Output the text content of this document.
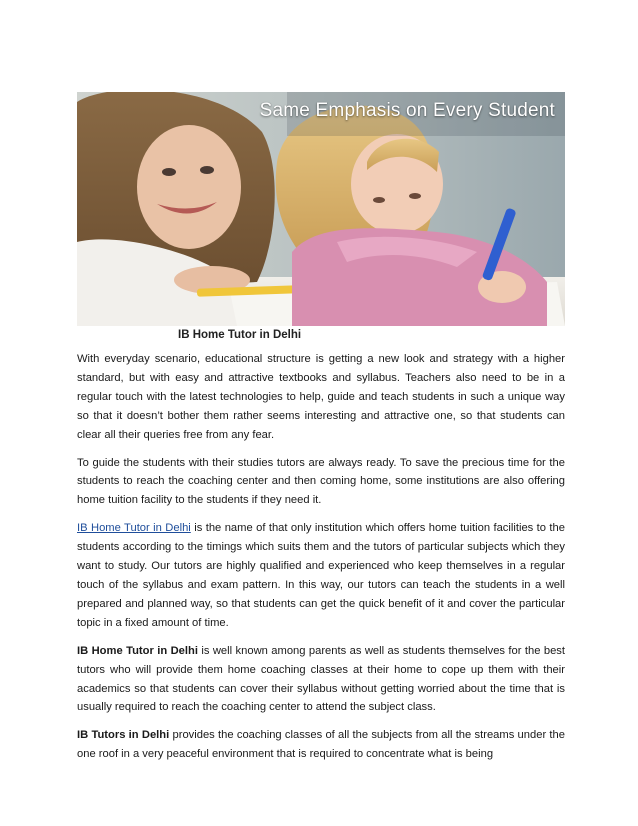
Same Emphasis on Every Student
IB Home Tutor in Delhi

With everyday scenario, educational structure is getting a new look and strategy with a higher standard, but with easy and attractive textbooks and syllabus. Teachers also need to be in a regular touch with the latest technologies to help, guide and teach students in such a unique way so that it doesn’t bother them rather seems interesting and attractive one, so that students can clear all their queries free from any fear.

To guide the students with their studies tutors are always ready. To save the precious time for the students to reach the coaching center and then coming home, some institutions are also offering home tuition facility to the students if they need it.

IB Home Tutor in Delhi is the name of that only institution which offers home tuition facilities to the students according to the timings which suits them and the tutors of particular subjects which they want to study. Our tutors are highly qualified and experienced who keep themselves in a regular touch of the syllabus and exam pattern. In this way, our tutors can teach the students in a well prepared and planned way, so that students can get the quick benefit of it and cover the particular topic in a fixed amount of time.

IB Home Tutor in Delhi is well known among parents as well as students themselves for the best tutors who will provide them home coaching classes at their home to cope up them with their academics so that students can cover their syllabus without getting worried about the time that is usually required to reach the coaching center to attend the subject class.

IB Tutors in Delhi provides the coaching classes of all the subjects from all the streams under the one roof in a very peaceful environment that is required to concentrate what is being
